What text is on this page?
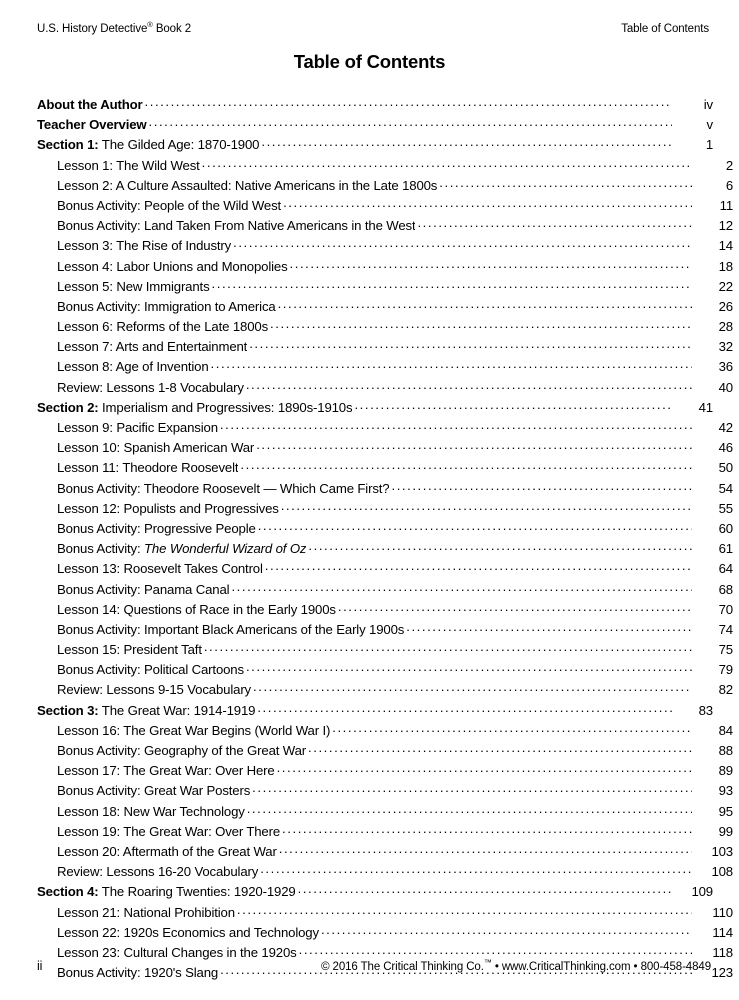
U.S. History Detective® Book 2	Table of Contents
Table of Contents
About the Author .....	iv
Teacher Overview .....	v
Section 1: The Gilded Age: 1870-1900 .....	1
Lesson 1: The Wild West .....	2
Lesson 2: A Culture Assaulted: Native Americans in the Late 1800s .....	6
Bonus Activity: People of the Wild West .....	11
Bonus Activity: Land Taken From Native Americans in the West .....	12
Lesson 3: The Rise of Industry .....	14
Lesson 4: Labor Unions and Monopolies .....	18
Lesson 5: New Immigrants .....	22
Bonus Activity: Immigration to America .....	26
Lesson 6: Reforms of the Late 1800s .....	28
Lesson 7: Arts and Entertainment .....	32
Lesson 8: Age of Invention .....	36
Review: Lessons 1-8 Vocabulary .....	40
Section 2: Imperialism and Progressives: 1890s-1910s .....	41
Lesson 9: Pacific Expansion .....	42
Lesson 10: Spanish American War .....	46
Lesson 11: Theodore Roosevelt .....	50
Bonus Activity: Theodore Roosevelt — Which Came First? .....	54
Lesson 12: Populists and Progressives .....	55
Bonus Activity: Progressive People .....	60
Bonus Activity: The Wonderful Wizard of Oz .....	61
Lesson 13: Roosevelt Takes Control .....	64
Bonus Activity: Panama Canal .....	68
Lesson 14: Questions of Race in the Early 1900s .....	70
Bonus Activity: Important Black Americans of the Early 1900s .....	74
Lesson 15: President Taft .....	75
Bonus Activity: Political Cartoons .....	79
Review: Lessons 9-15 Vocabulary .....	82
Section 3: The Great War: 1914-1919 .....	83
Lesson 16: The Great War Begins (World War I) .....	84
Bonus Activity: Geography of the Great War .....	88
Lesson 17: The Great War: Over Here .....	89
Bonus Activity: Great War Posters .....	93
Lesson 18: New War Technology .....	95
Lesson 19: The Great War: Over There .....	99
Lesson 20: Aftermath of the Great War .....	103
Review: Lessons 16-20 Vocabulary .....	108
Section 4: The Roaring Twenties: 1920-1929 .....	109
Lesson 21: National Prohibition .....	110
Lesson 22: 1920s Economics and Technology .....	114
Lesson 23: Cultural Changes in the 1920s .....	118
Bonus Activity: 1920's Slang .....	123
ii	© 2016 The Critical Thinking Co.™ • www.CriticalThinking.com • 800-458-4849
